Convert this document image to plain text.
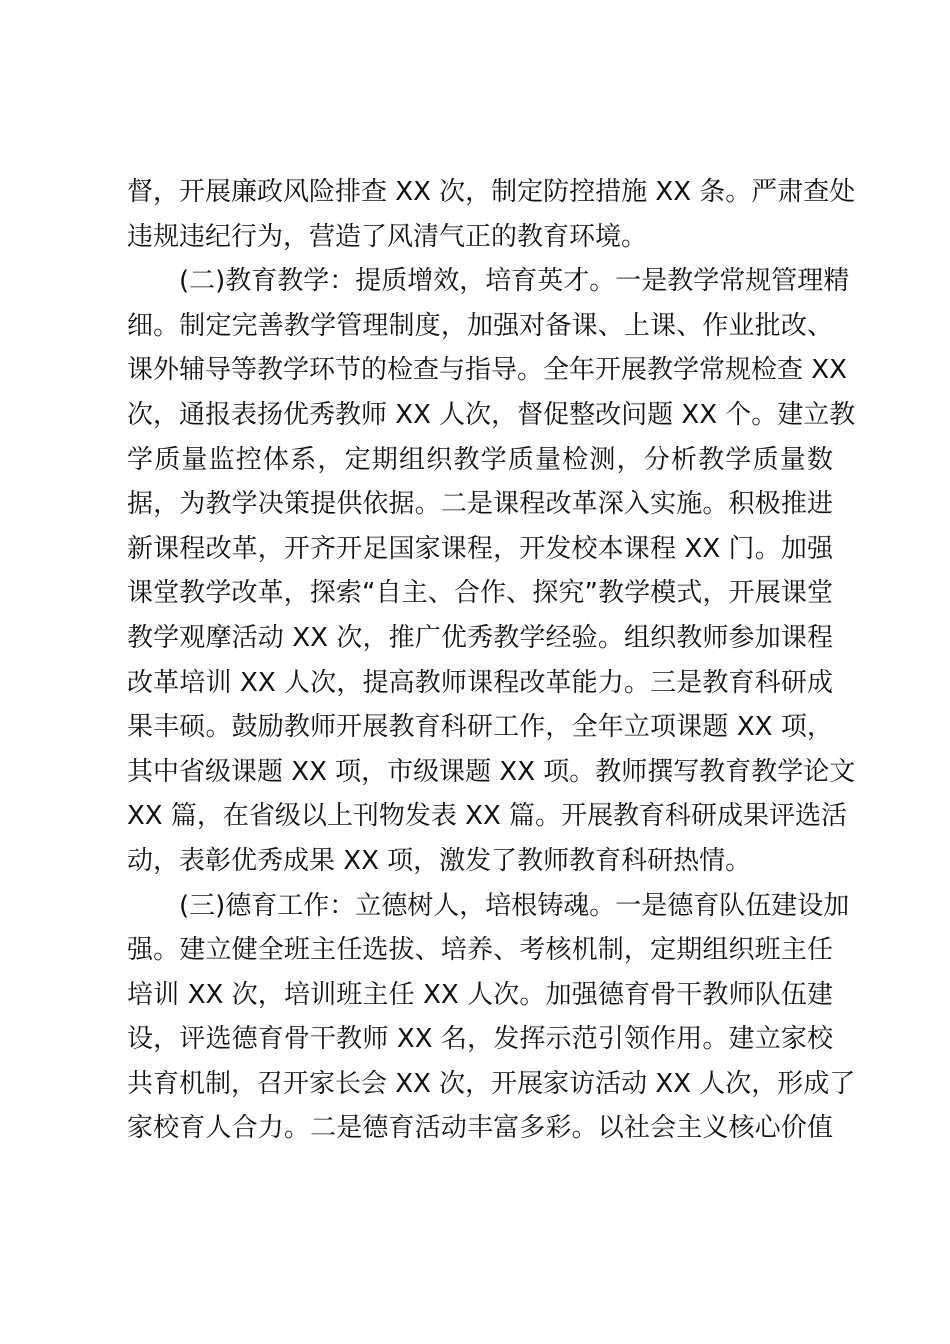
督，开展廉政风险排查 XX 次，制定防控措施 XX 条。严肃查处
违规违纪行为，营造了风清气正的教育环境。
　　(二)教育教学：提质增效，培育英才。一是教学常规管理精
细。制定完善教学管理制度，加强对备课、上课、作业批改、
课外辅导等教学环节的检查与指导。全年开展教学常规检查 XX
次，通报表扬优秀教师 XX 人次，督促整改问题 XX 个。建立教
学质量监控体系，定期组织教学质量检测，分析教学质量数
据，为教学决策提供依据。二是课程改革深入实施。积极推进
新课程改革，开齐开足国家课程，开发校本课程 XX 门。加强
课堂教学改革，探索“自主、合作、探究”教学模式，开展课堂
教学观摩活动 XX 次，推广优秀教学经验。组织教师参加课程
改革培训 XX 人次，提高教师课程改革能力。三是教育科研成
果丰硕。鼓励教师开展教育科研工作，全年立项课题 XX 项，
其中省级课题 XX 项，市级课题 XX 项。教师撰写教育教学论文
XX 篇，在省级以上刊物发表 XX 篇。开展教育科研成果评选活
动，表彰优秀成果 XX 项，激发了教师教育科研热情。
　　(三)德育工作：立德树人，培根铸魂。一是德育队伍建设加
强。建立健全班主任选拔、培养、考核机制，定期组织班主任
培训 XX 次，培训班主任 XX 人次。加强德育骨干教师队伍建
设，评选德育骨干教师 XX 名，发挥示范引领作用。建立家校
共育机制，召开家长会 XX 次，开展家访活动 XX 人次，形成了
家校育人合力。二是德育活动丰富多彩。以社会主义核心价值
